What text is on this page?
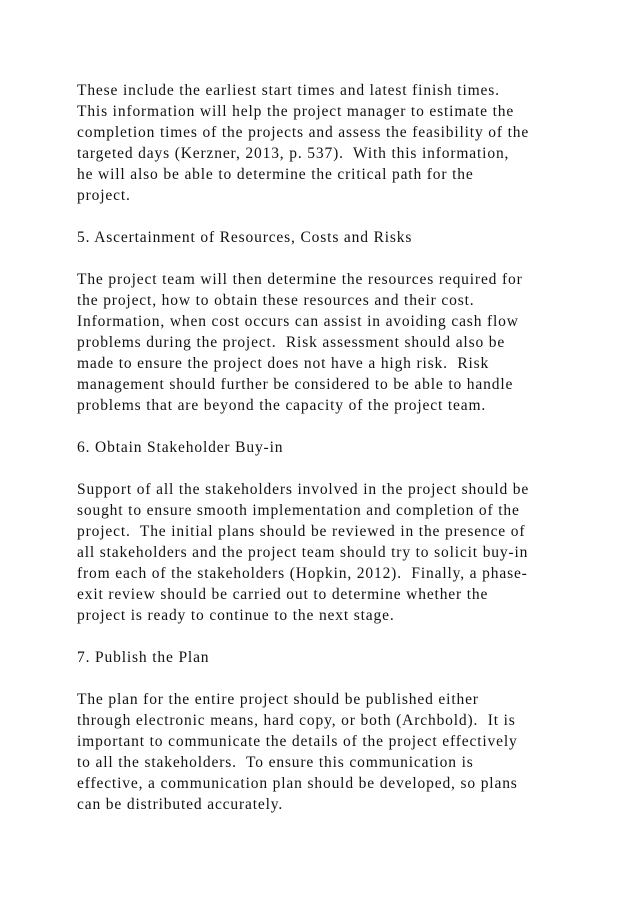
These include the earliest start times and latest finish times.
This information will help the project manager to estimate the
completion times of the projects and assess the feasibility of the
targeted days (Kerzner, 2013, p. 537).  With this information,
he will also be able to determine the critical path for the
project.
5. Ascertainment of Resources, Costs and Risks
The project team will then determine the resources required for
the project, how to obtain these resources and their cost.
Information, when cost occurs can assist in avoiding cash flow
problems during the project.  Risk assessment should also be
made to ensure the project does not have a high risk.  Risk
management should further be considered to be able to handle
problems that are beyond the capacity of the project team.
6. Obtain Stakeholder Buy-in
Support of all the stakeholders involved in the project should be
sought to ensure smooth implementation and completion of the
project.  The initial plans should be reviewed in the presence of
all stakeholders and the project team should try to solicit buy-in
from each of the stakeholders (Hopkin, 2012).  Finally, a phase-
exit review should be carried out to determine whether the
project is ready to continue to the next stage.
7. Publish the Plan
The plan for the entire project should be published either
through electronic means, hard copy, or both (Archbold).  It is
important to communicate the details of the project effectively
to all the stakeholders.  To ensure this communication is
effective, a communication plan should be developed, so plans
can be distributed accurately.
